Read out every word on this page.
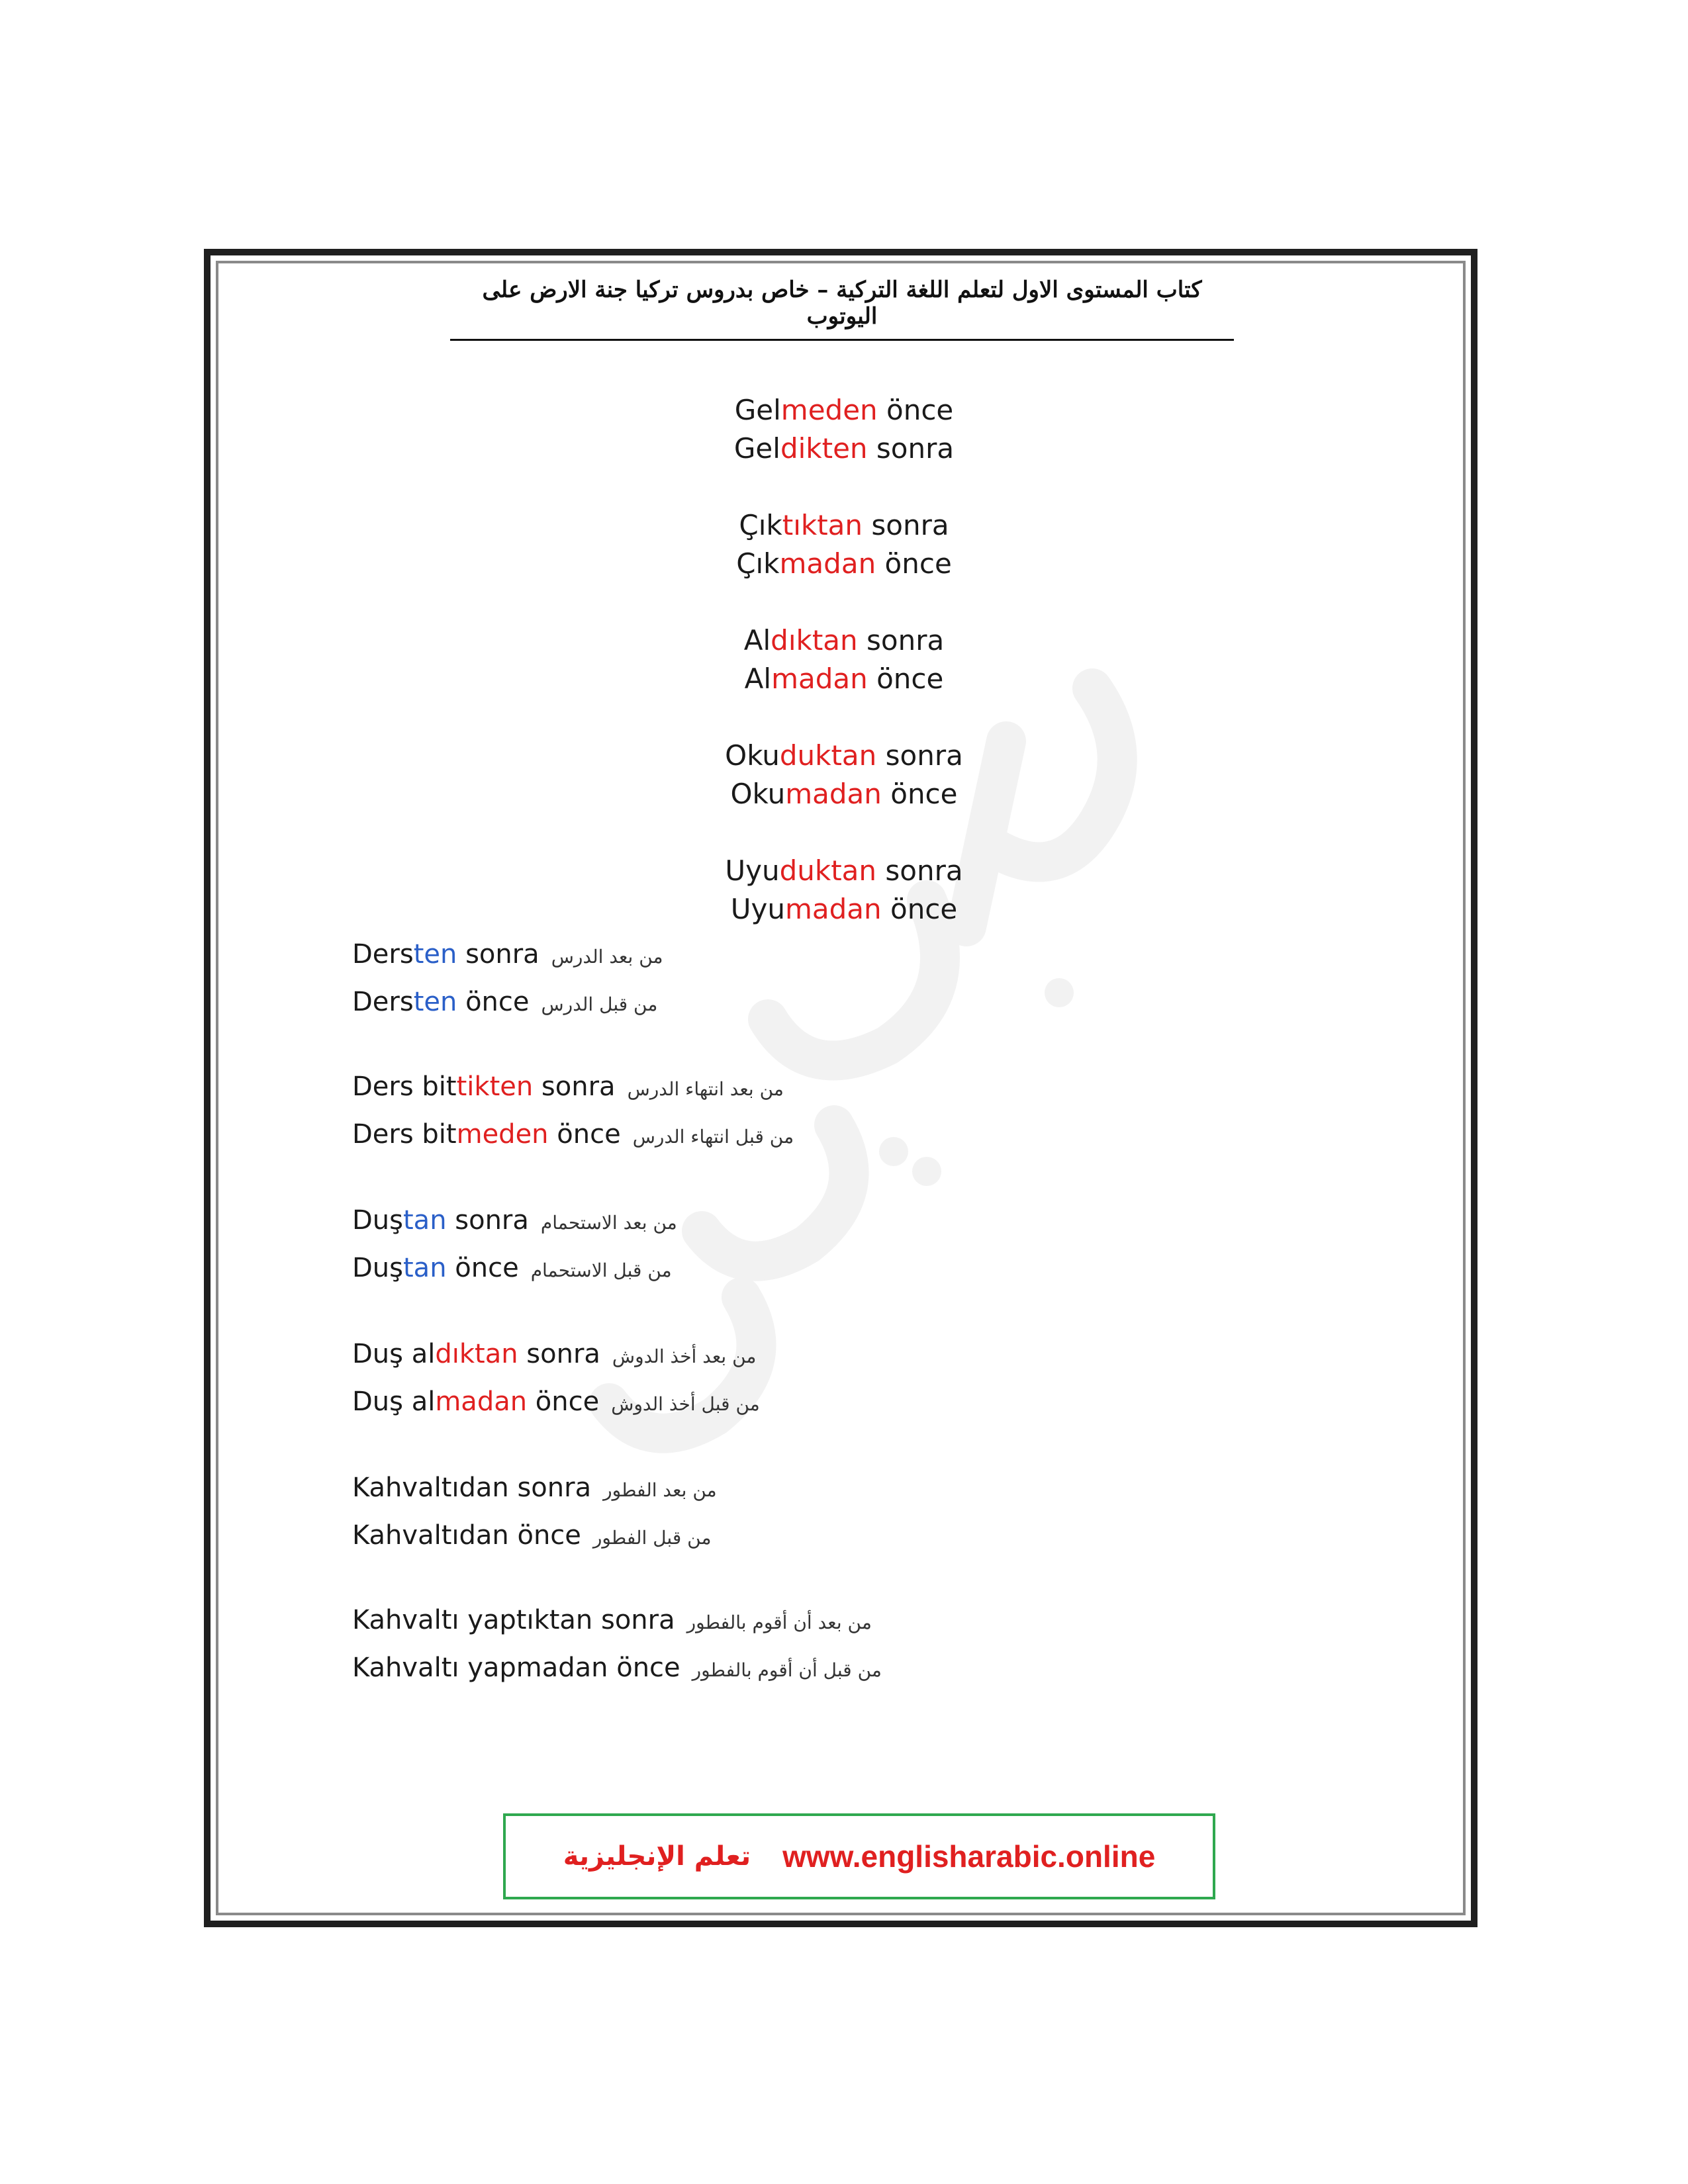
كتاب المستوى الاول لتعلم اللغة التركية – خاص بدروس تركيا جنة الارض على اليوتوب
Gelmeden önce
Geldikten sonra
Çıktıktan sonra
Çıkmadan önce
Aldıktan sonra
Almadan önce
Okuduktan sonra
Okumadan önce
Uyuduktan sonra
Uyumadan önce
Dersten sonra من بعد الدرس
Dersten önce من قبل الدرس
Ders bittikten sonra من بعد انتهاء الدرس
Ders bitmeden önce من قبل انتهاء الدرس
Duştan sonra من بعد الاستحمام
Duştan önce من قبل الاستحمام
Duş aldıktan sonra من بعد أخذ الدوش
Duş almadan önce من قبل أخذ الدوش
Kahvaltıdan sonra من بعد الفطور
Kahvaltıdan önce من قبل الفطور
Kahvaltı yaptıktan sonra من بعد أن أقوم بالفطور
Kahvaltı yapmadan önce من قبل أن أقوم بالفطور
تعلم الإنجليزية www.englisharabic.online
